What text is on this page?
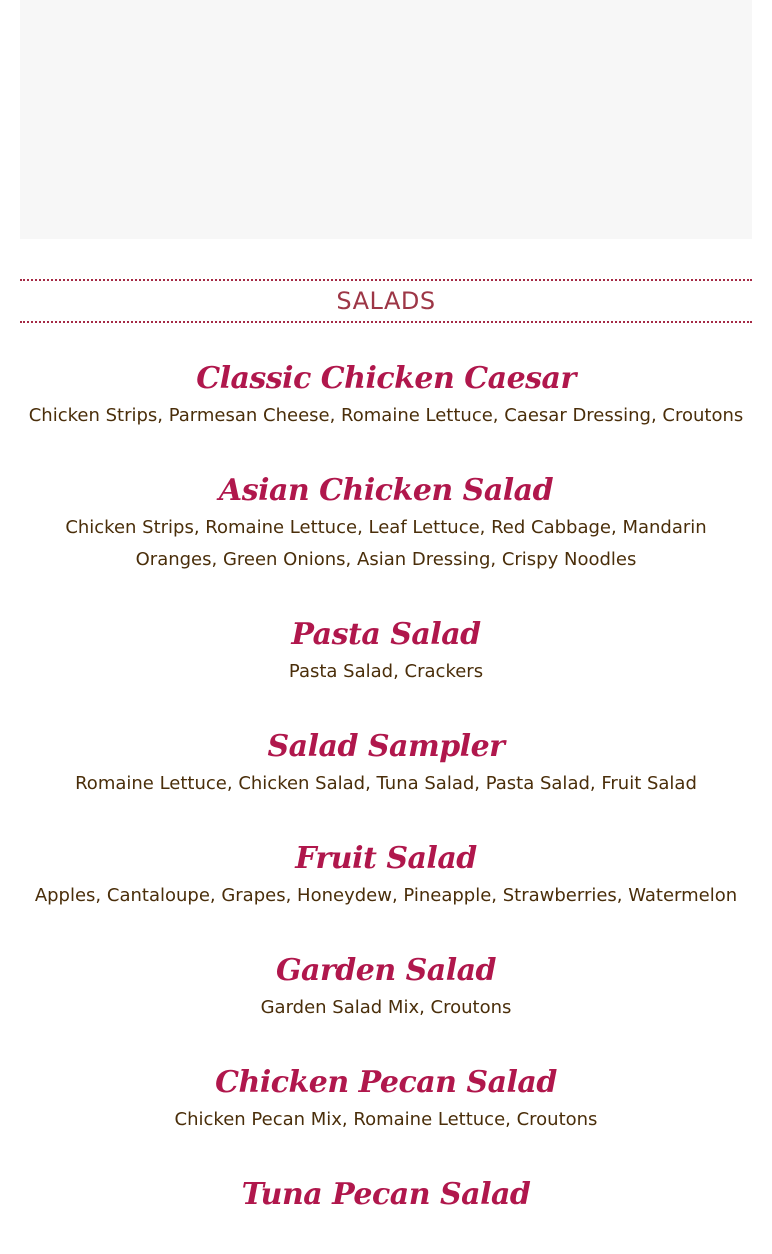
SALADS
Classic Chicken Caesar
Chicken Strips, Parmesan Cheese, Romaine Lettuce, Caesar Dressing, Croutons
Asian Chicken Salad
Chicken Strips, Romaine Lettuce, Leaf Lettuce, Red Cabbage, Mandarin Oranges, Green Onions, Asian Dressing, Crispy Noodles
Pasta Salad
Pasta Salad, Crackers
Salad Sampler
Romaine Lettuce, Chicken Salad, Tuna Salad, Pasta Salad, Fruit Salad
Fruit Salad
Apples, Cantaloupe, Grapes, Honeydew, Pineapple, Strawberries, Watermelon
Garden Salad
Garden Salad Mix, Croutons
Chicken Pecan Salad
Chicken Pecan Mix, Romaine Lettuce, Croutons
Tuna Pecan Salad
